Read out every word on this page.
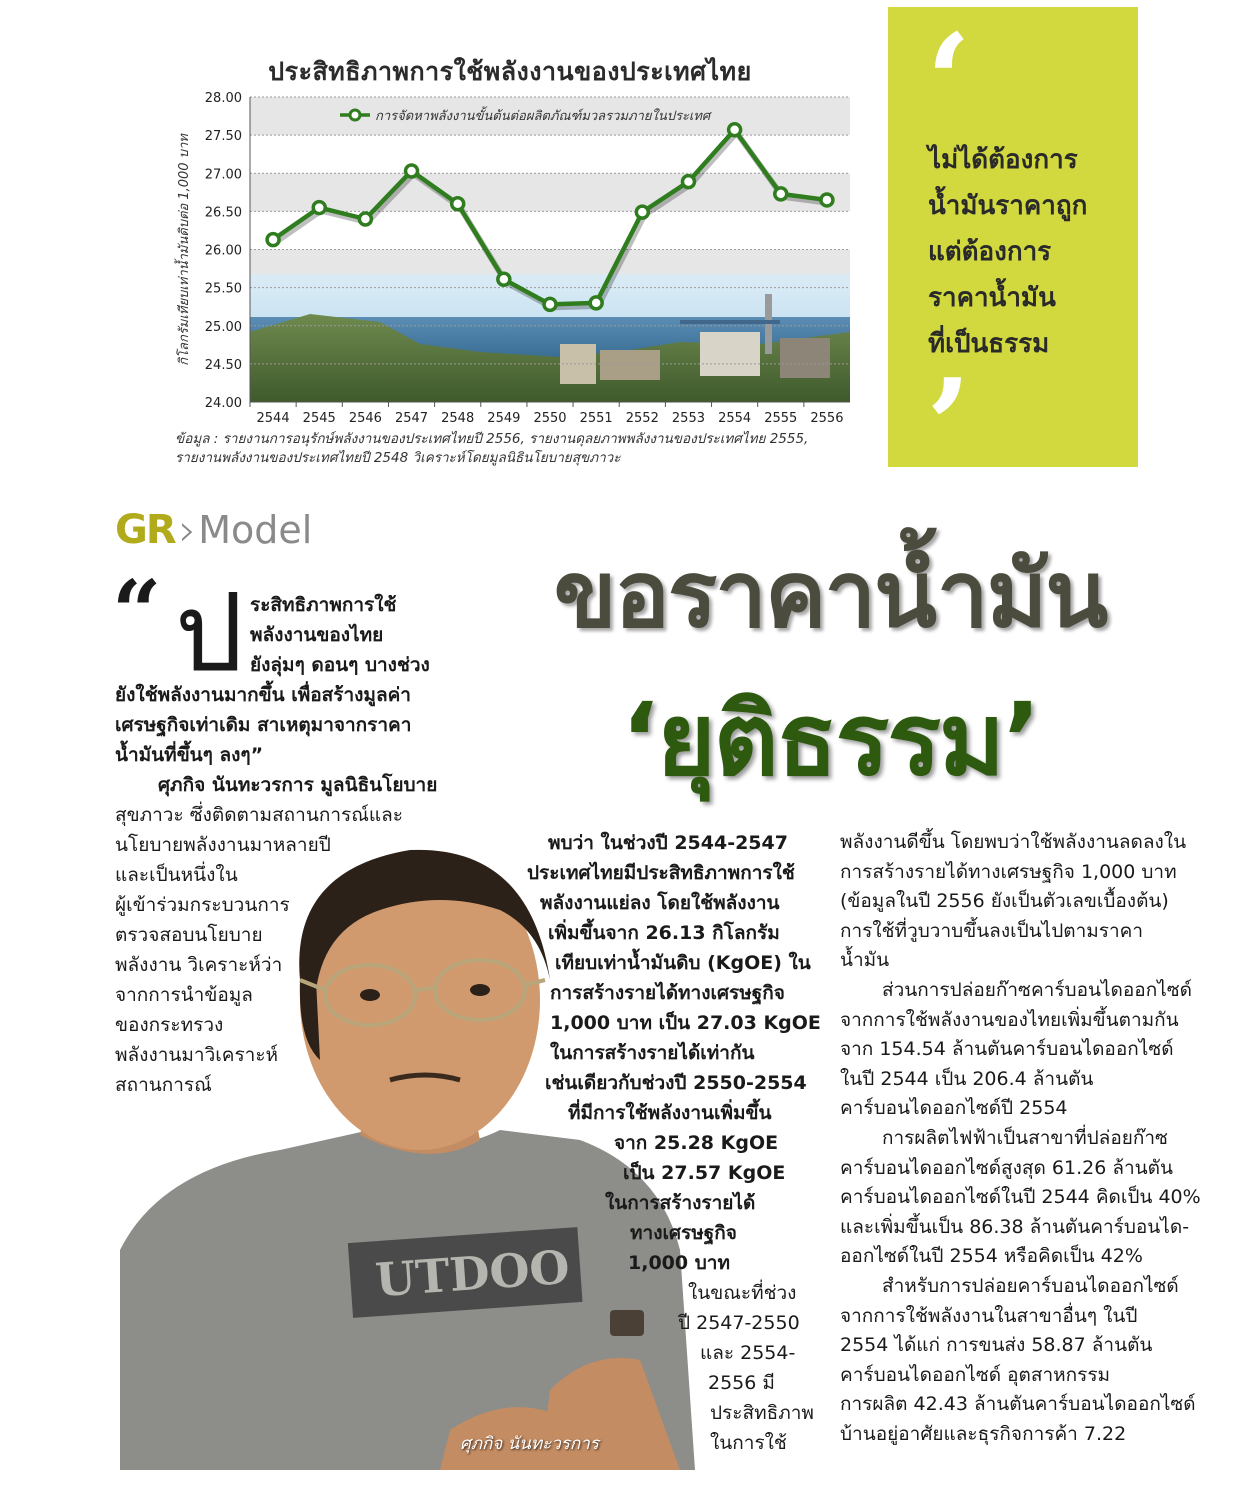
ประสิทธิภาพการใช้พลังงานของประเทศไทย
24.00
24.50
25.00
25.50
26.00
26.50
27.00
27.50
28.00
2544 2545 2546 2547 2548 2549 2550 2551 2552 2553 2554 2555 2556
กิโลกรัมเทียบเท่าน้ำมันดิบต่อ 1,000 บาท
การจัดหาพลังงานขั้นต้นต่อผลิตภัณฑ์มวลรวมภายในประเทศ
ข้อมูล : รายงานการอนุรักษ์พลังงานของประเทศไทยปี 2556, รายงานดุลยภาพพลังงานของประเทศไทย 2555, รายงานพลังงานของประเทศไทยปี 2548 วิเคราะห์โดยมูลนิธินโยบายสุขภาวะ
‘
ไม่ได้ต้องการ
น้ำมันราคาถูก
แต่ต้องการ
ราคาน้ำมัน
ที่เป็นธรรม
’
GR › Model
ขอราคาน้ำมัน
‘ยุติธรรม’
UTDOO
ศุภกิจ นันทะวรการ
“ ป ระสิทธิภาพการใช้
พลังงานของไทย
ยังลุ่มๆ ดอนๆ บางช่วง
ยังใช้พลังงานมากขึ้น เพื่อสร้างมูลค่า
เศรษฐกิจเท่าเดิม สาเหตุมาจากราคา
น้ำมันที่ขึ้นๆ ลงๆ”
ศุภกิจ นันทะวรการ มูลนิธินโยบาย
สุขภาวะ ซึ่งติดตามสถานการณ์และ
นโยบายพลังงานมาหลายปี
และเป็นหนึ่งใน
ผู้เข้าร่วมกระบวนการ
ตรวจสอบนโยบาย
พลังงาน วิเคราะห์ว่า
จากการนำข้อมูล
ของกระทรวง
พลังงานมาวิเคราะห์
สถานการณ์
พบว่า ในช่วงปี 2544-2547
ประเทศไทยมีประสิทธิภาพการใช้
พลังงานแย่ลง โดยใช้พลังงาน
เพิ่มขึ้นจาก 26.13 กิโลกรัม
เทียบเท่าน้ำมันดิบ (KgOE) ใน
การสร้างรายได้ทางเศรษฐกิจ
1,000 บาท เป็น 27.03 KgOE
ในการสร้างรายได้เท่ากัน
เช่นเดียวกับช่วงปี 2550-2554
ที่มีการใช้พลังงานเพิ่มขึ้น
จาก 25.28 KgOE
เป็น 27.57 KgOE
ในการสร้างรายได้
ทางเศรษฐกิจ
1,000 บาท
ในขณะที่ช่วง
ปี 2547-2550
และ 2554-
2556 มี
ประสิทธิภาพ
ในการใช้
พลังงานดีขึ้น โดยพบว่าใช้พลังงานลดลงใน
การสร้างรายได้ทางเศรษฐกิจ 1,000 บาท
(ข้อมูลในปี 2556 ยังเป็นตัวเลขเบื้องต้น)
การใช้ที่วูบวาบขึ้นลงเป็นไปตามราคา
น้ำมัน
ส่วนการปล่อยก๊าซคาร์บอนไดออกไซด์
จากการใช้พลังงานของไทยเพิ่มขึ้นตามกัน
จาก 154.54 ล้านตันคาร์บอนไดออกไซด์
ในปี 2544 เป็น 206.4 ล้านตัน
คาร์บอนไดออกไซด์ปี 2554
การผลิตไฟฟ้าเป็นสาขาที่ปล่อยก๊าซ
คาร์บอนไดออกไซด์สูงสุด 61.26 ล้านตัน
คาร์บอนไดออกไซด์ในปี 2544 คิดเป็น 40%
และเพิ่มขึ้นเป็น 86.38 ล้านตันคาร์บอนได-
ออกไซด์ในปี 2554 หรือคิดเป็น 42%
สำหรับการปล่อยคาร์บอนไดออกไซด์
จากการใช้พลังงานในสาขาอื่นๆ ในปี
2554 ได้แก่ การขนส่ง 58.87 ล้านตัน
คาร์บอนไดออกไซด์ อุตสาหกรรม
การผลิต 42.43 ล้านตันคาร์บอนไดออกไซด์
บ้านอยู่อาศัยและธุรกิจการค้า 7.22
